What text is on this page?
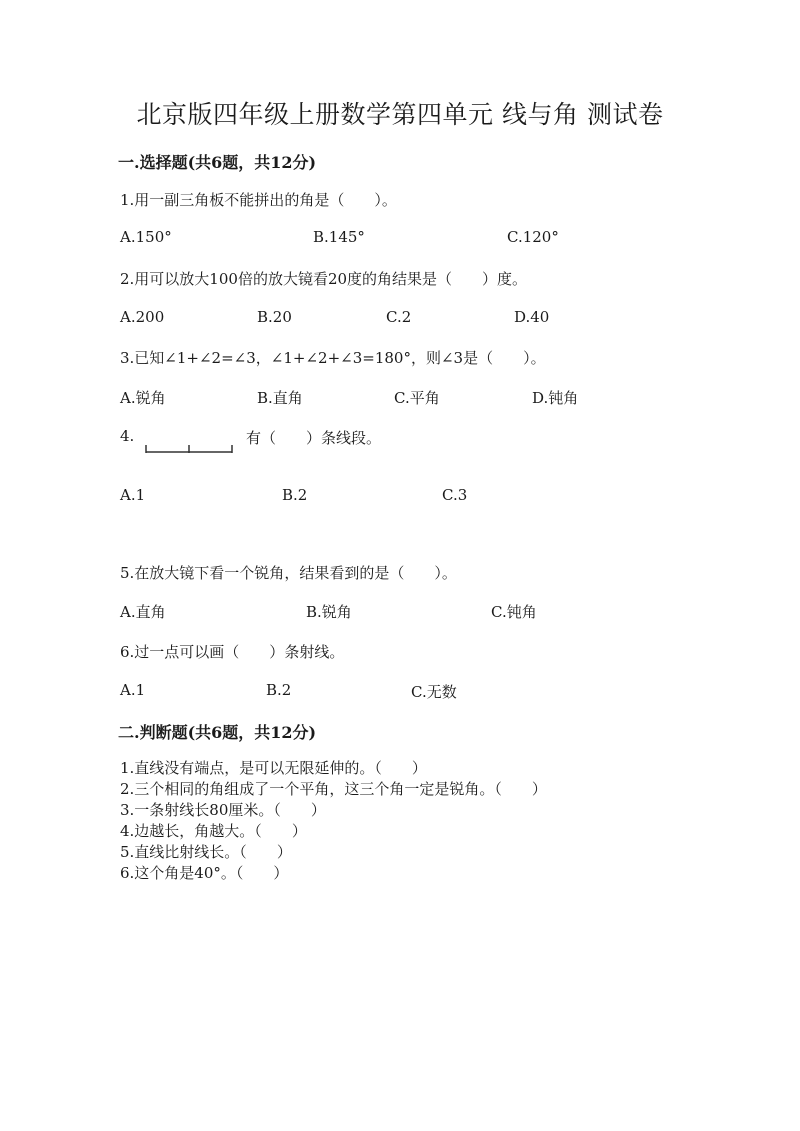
北京版四年级上册数学第四单元 线与角 测试卷
一.选择题(共6题，共12分)
1.用一副三角板不能拼出的角是（　　）。
A.150°	B.145°	C.120°
2.用可以放大100倍的放大镜看20度的角结果是（　　）度。
A.200	B.20	C.2	D.40
3.已知∠1+∠2=∠3，∠1+∠2+∠3=180°，则∠3是（　　）。
A.锐角	B.直角	C.平角	D.钝角
4.	有（　　）条线段。
A.1	B.2	C.3
5.在放大镜下看一个锐角，结果看到的是（　　）。
A.直角	B.锐角	C.钝角
6.过一点可以画（　　）条射线。
A.1	B.2	C.无数
二.判断题(共6题，共12分)
1.直线没有端点，是可以无限延伸的。（　　）
2.三个相同的角组成了一个平角，这三个角一定是锐角。（　　）
3.一条射线长80厘米。（　　）
4.边越长，角越大。（　　）
5.直线比射线长。（　　）
6.这个角是40°。（　　）
